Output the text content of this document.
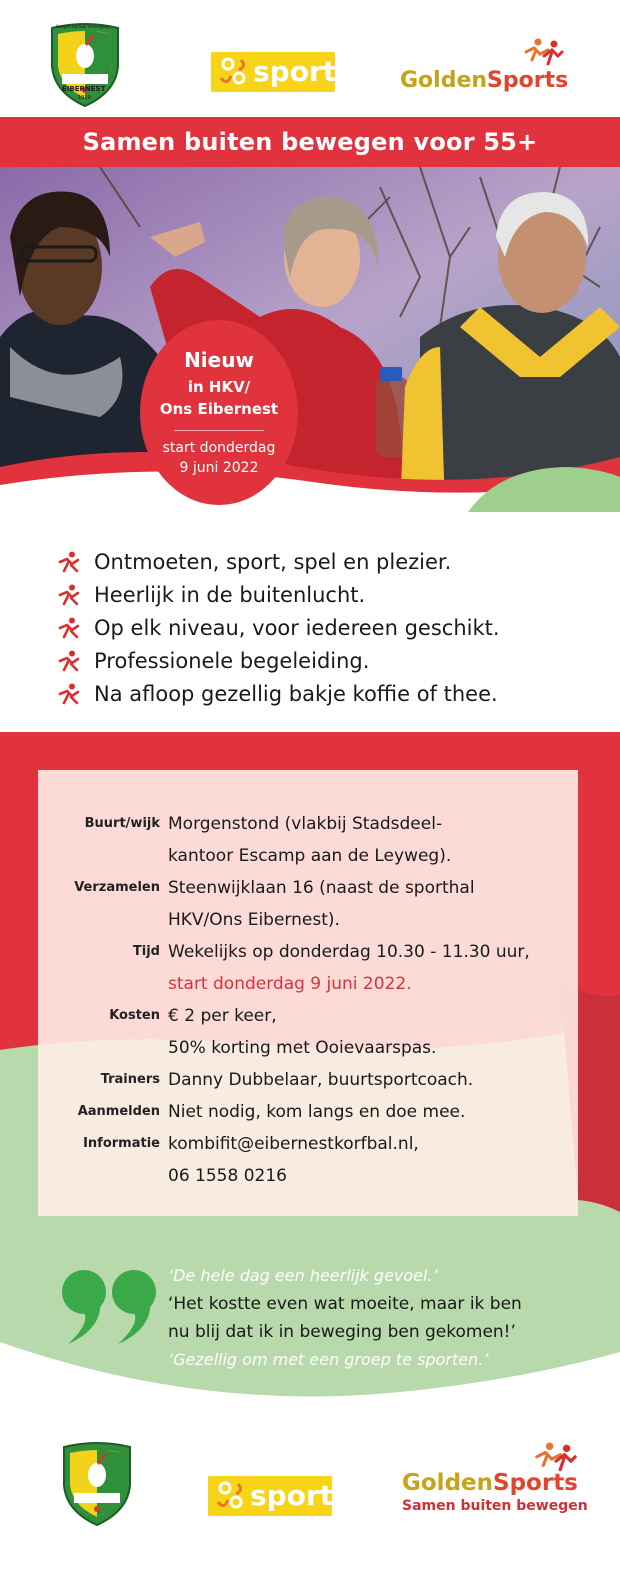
EIBERNEST
1919
Haagse Korfbal Vereniging
sport	GoldenSports
Samen buiten bewegen voor 55+
Nieuw
in HKV/
Ons Eibernest
start donderdag
9 juni 2022
Ontmoeten, sport, spel en plezier.
Heerlijk in de buitenlucht.
Op elk niveau, voor iedereen geschikt.
Professionele begeleiding.
Na afloop gezellig bakje koffie of thee.
Buurt/wijk Morgenstond (vlakbij Stadsdeel-
kantoor Escamp aan de Leyweg).
Verzamelen Steenwijklaan 16 (naast de sporthal
HKV/Ons Eibernest).
Tijd Wekelijks op donderdag 10.30 - 11.30 uur,
start donderdag 9 juni 2022.
Kosten € 2 per keer,
50% korting met Ooievaarspas.
Trainers Danny Dubbelaar, buurtsportcoach.
Aanmelden Niet nodig, kom langs en doe mee.
Informatie kombifit@eibernestkorfbal.nl,
06 1558 0216
‘De hele dag een heerlijk gevoel.’
‘Het kostte even wat moeite, maar ik ben
nu blij dat ik in beweging ben gekomen!’
‘Gezellig om met een groep te sporten.’
sport	GoldenSports
Samen buiten bewegen
